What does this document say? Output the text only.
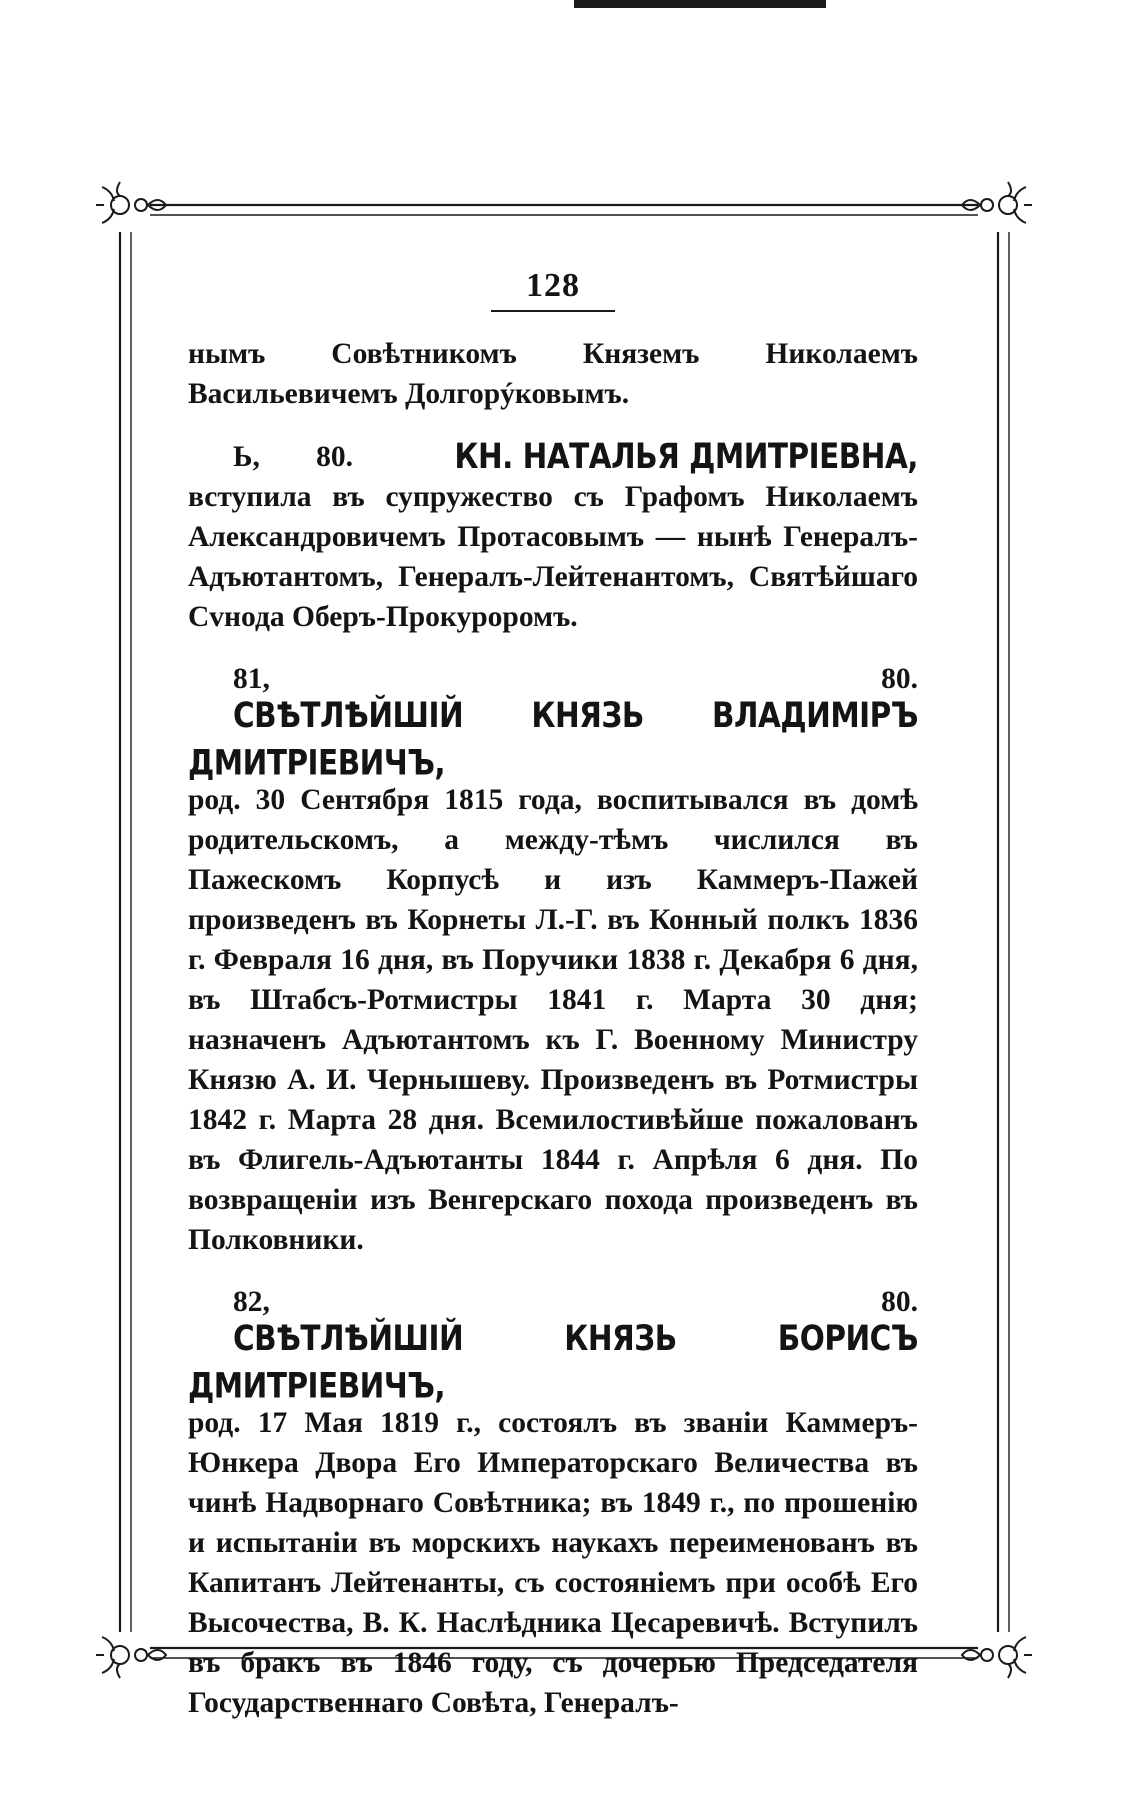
128

нымъ Совѣтникомъ Княземъ Николаемъ Васильевичемъ Долгорýковымъ.

Ь, 80.	КН. НАТАЛЬЯ ДМИТРІЕВНА, вступила въ супружество съ Графомъ Николаемъ Александровичемъ Протасовымъ — нынѣ Генералъ-Адъютантомъ, Генералъ-Лейтенантомъ, Святѣйшаго Сvнода Оберъ-Прокуроромъ.

81, 80. СВѢТЛѢЙШІЙ КНЯЗЬ ВЛАДИМІРЪ ДМИТРІЕВИЧЪ, род. 30 Сентября 1815 года, воспитывался въ домѣ родительскомъ, а между-тѣмъ числился въ Пажескомъ Корпусѣ и изъ Каммеръ-Пажей произведенъ въ Корнеты Л.-Г. въ Конный полкъ 1836 г. Февраля 16 дня, въ Поручики 1838 г. Декабря 6 дня, въ Штабсъ-Ротмистры 1841 г. Марта 30 дня; назначенъ Адъютантомъ къ Г. Военному Министру Князю А. И. Чернышеву. Произведенъ въ Ротмистры 1842 г. Марта 28 дня. Всемилостивѣйше пожалованъ въ Флигель-Адъютанты 1844 г. Апрѣля 6 дня. По возвращеніи изъ Венгерскаго похода произведенъ въ Полковники.

82, 80. СВѢТЛѢЙШІЙ КНЯЗЬ БОРИСЪ ДМИТРІЕВИЧЪ, род. 17 Мая 1819 г., состоялъ въ званіи Каммеръ-Юнкера Двора Его Императорскаго Величества въ чинѣ Надворнаго Совѣтника; въ 1849 г., по прошенію и испытаніи въ морскихъ наукахъ переименованъ въ Капитанъ Лейтенанты, съ состояніемъ при особѣ Его Высочества, В. К. Наслѣдника Цесаревичѣ. Вступилъ въ бракъ въ 1846 году, съ дочерью Председателя Государственнаго Совѣта, Генералъ-
